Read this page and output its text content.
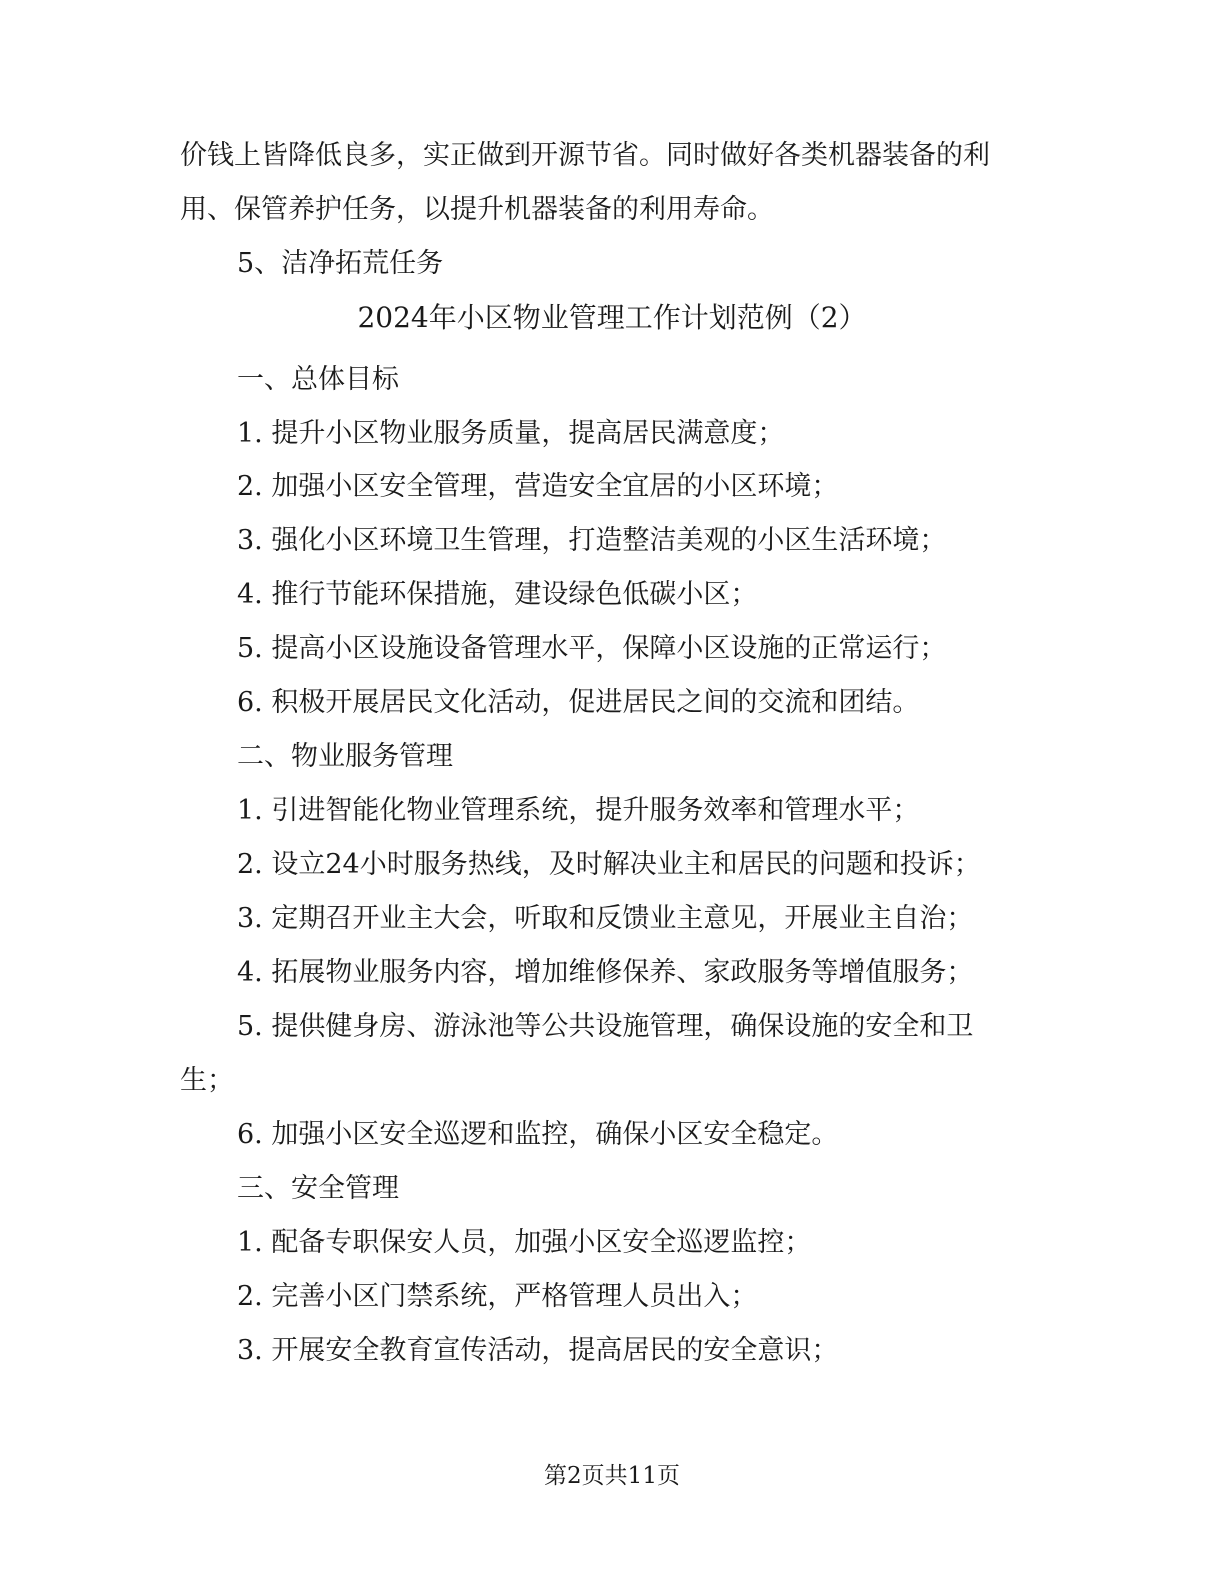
价钱上皆降低良多，实正做到开源节省。同时做好各类机器装备的利
用、保管养护任务，以提升机器装备的利用寿命。
5、洁净拓荒任务
2024年小区物业管理工作计划范例（2）
一、总体目标
1. 提升小区物业服务质量，提高居民满意度；
2. 加强小区安全管理，营造安全宜居的小区环境；
3. 强化小区环境卫生管理，打造整洁美观的小区生活环境；
4. 推行节能环保措施，建设绿色低碳小区；
5. 提高小区设施设备管理水平，保障小区设施的正常运行；
6. 积极开展居民文化活动，促进居民之间的交流和团结。
二、物业服务管理
1. 引进智能化物业管理系统，提升服务效率和管理水平；
2. 设立24小时服务热线，及时解决业主和居民的问题和投诉；
3. 定期召开业主大会，听取和反馈业主意见，开展业主自治；
4. 拓展物业服务内容，增加维修保养、家政服务等增值服务；
5. 提供健身房、游泳池等公共设施管理，确保设施的安全和卫
生；
6. 加强小区安全巡逻和监控，确保小区安全稳定。
三、安全管理
1. 配备专职保安人员，加强小区安全巡逻监控；
2. 完善小区门禁系统，严格管理人员出入；
3. 开展安全教育宣传活动，提高居民的安全意识；
第2页共11页
